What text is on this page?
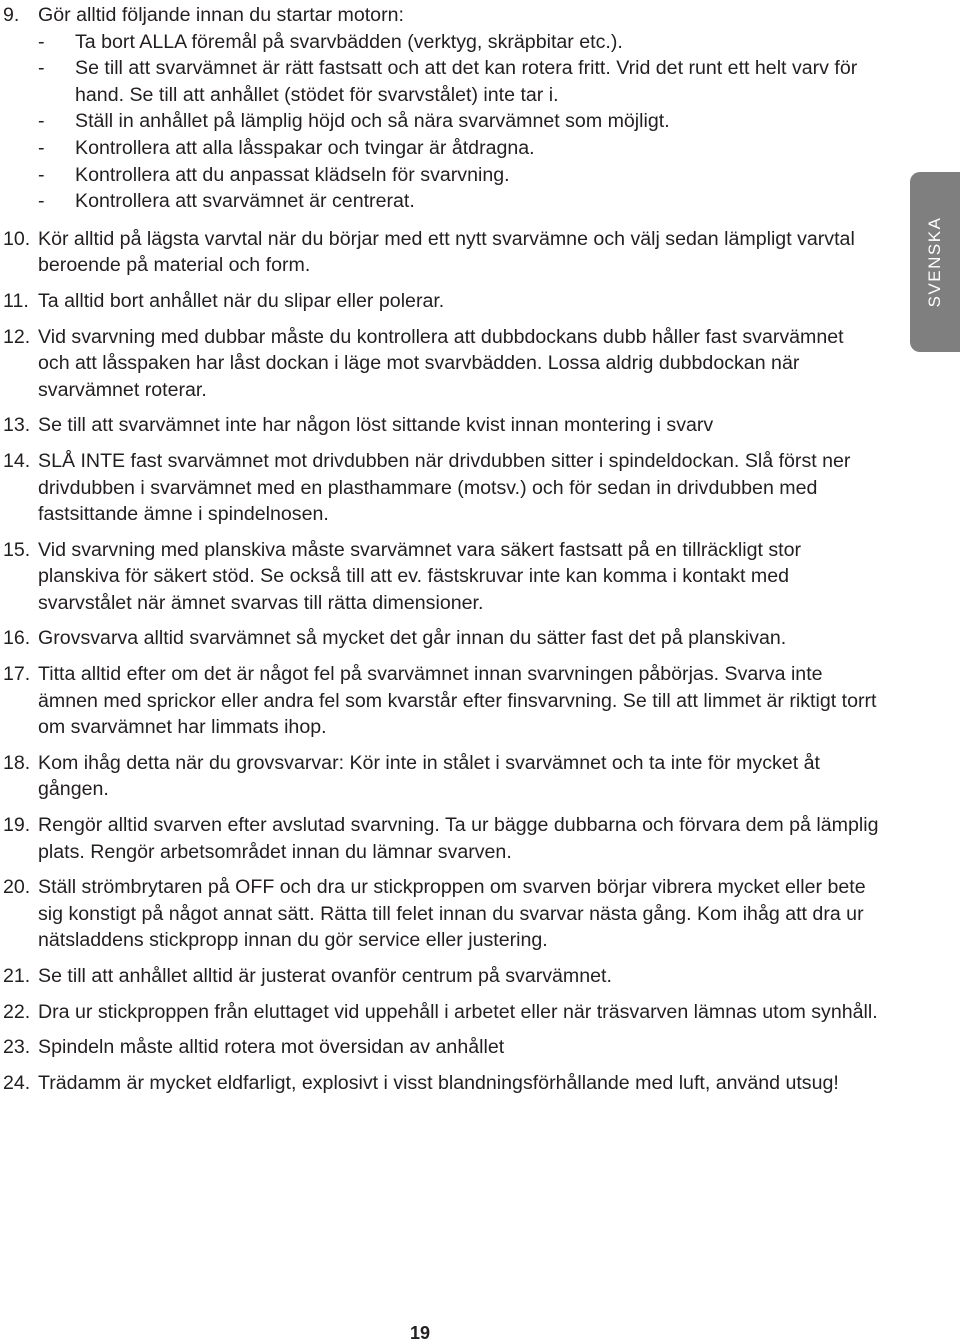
9. Gör alltid följande innan du startar motorn:
- Ta bort ALLA föremål på svarvbädden (verktyg, skräpbitar etc.).
- Se till att svarvämnet är rätt fastsatt och att det kan rotera fritt. Vrid det runt ett helt varv för hand. Se till att anhållet (stödet för svarvstålet) inte tar i.
- Ställ in anhållet på lämplig höjd och så nära svarvämnet som möjligt.
- Kontrollera att alla låsspakar och tvingar är åtdragna.
- Kontrollera att du anpassat klädseln för svarvning.
- Kontrollera att svarvämnet är centrerat.
10. Kör alltid på lägsta varvtal när du börjar med ett nytt svarvämne och välj sedan lämpligt varvtal beroende på material och form.
11. Ta alltid bort anhållet när du slipar eller polerar.
12. Vid svarvning med dubbar måste du kontrollera att dubbdockans dubb håller fast svarvämnet och att låsspaken har låst dockan i läge mot svarvbädden. Lossa aldrig dubbdockan när svarvämnet roterar.
13. Se till att svarvämnet inte har någon löst sittande kvist innan montering i svarv
14. SLÅ INTE fast svarvämnet mot drivdubben när drivdubben sitter i spindeldockan. Slå först ner drivdubben i svarvämnet med en plasthammare (motsv.) och för sedan in drivdubben med fastsittande ämne i spindelnosen.
15. Vid svarvning med planskiva måste svarvämnet vara säkert fastsatt på en tillräckligt stor planskiva för säkert stöd. Se också till att ev. fästskruvar inte kan komma i kontakt med svarvstålet när ämnet svarvas till rätta dimensioner.
16. Grovsvarva alltid svarvämnet så mycket det går innan du sätter fast det på planskivan.
17. Titta alltid efter om det är något fel på svarvämnet innan svarvningen påbörjas. Svarva inte ämnen med sprickor eller andra fel som kvarstår efter finsvarvning. Se till att limmet är riktigt torrt om svarvämnet har limmats ihop.
18. Kom ihåg detta när du grovsvarvar: Kör inte in stålet i svarvämnet och ta inte för mycket åt gången.
19. Rengör alltid svarven efter avslutad svarvning. Ta ur bägge dubbarna och förvara dem på lämplig plats. Rengör arbetsområdet innan du lämnar svarven.
20. Ställ strömbrytaren på OFF och dra ur stickproppen om svarven börjar vibrera mycket eller bete sig konstigt på något annat sätt. Rätta till felet innan du svarvar nästa gång. Kom ihåg att dra ur nätsladdens stickpropp innan du gör service eller justering.
21. Se till att anhållet alltid är justerat ovanför centrum på svarvämnet.
22. Dra ur stickproppen från eluttaget vid uppehåll i arbetet eller när träsvarven lämnas utom synhåll.
23. Spindeln måste alltid rotera mot översidan av anhållet
24. Trädamm är mycket eldfarligt, explosivt i visst blandningsförhållande med luft, använd utsug!
SVENSKA
19
